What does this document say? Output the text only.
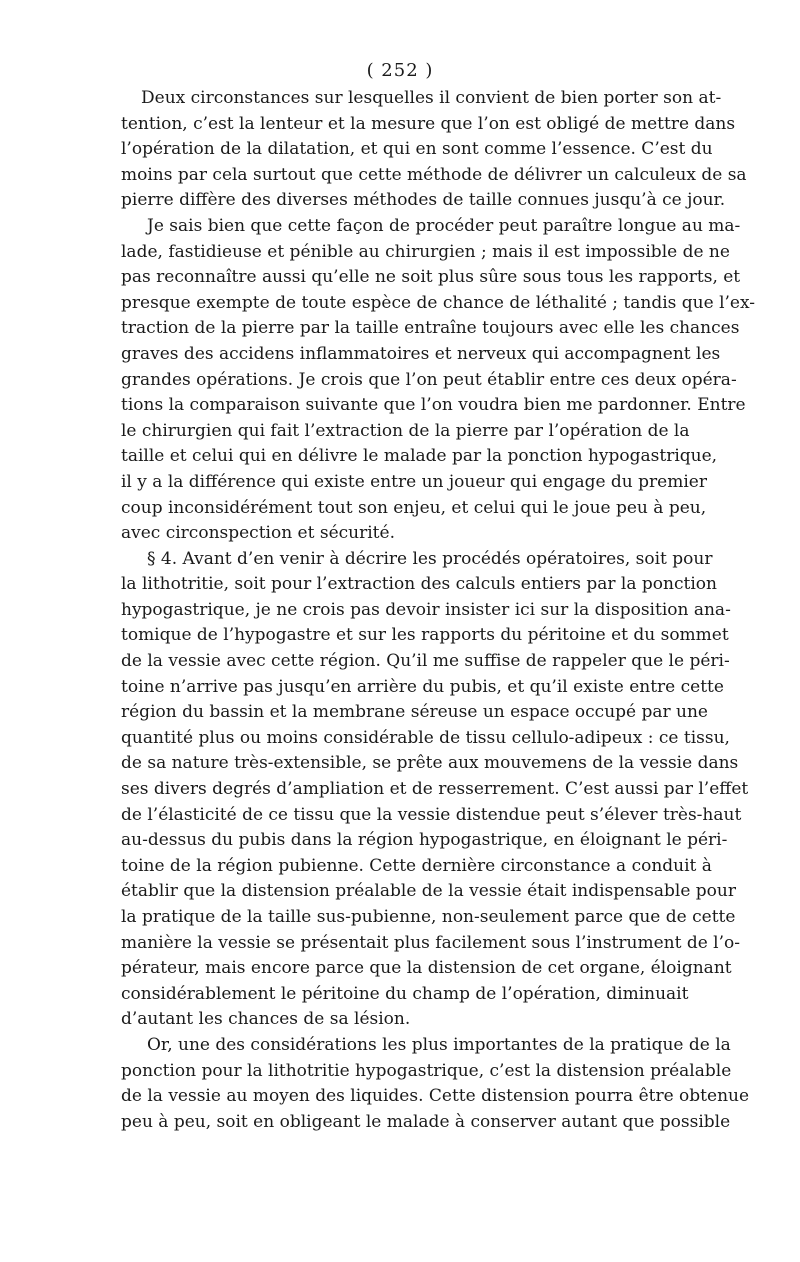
( 252 )
Deux circonstances sur lesquelles il convient de bien porter son at-
tention, c’est la lenteur et la mesure que l’on est obligé de mettre dans
l’opération de la dilatation, et qui en sont comme l’essence. C’est du
moins par cela surtout que cette méthode de délivrer un calculeux de sa
pierre diffère des diverses méthodes de taille connues jusqu’à ce jour.
Je sais bien que cette façon de procéder peut paraître longue au ma-
lade, fastidieuse et pénible au chirurgien ; mais il est impossible de ne
pas reconnaître aussi qu’elle ne soit plus sûre sous tous les rapports, et
presque exempte de toute espèce de chance de léthalité ; tandis que l’ex-
traction de la pierre par la taille entraîne toujours avec elle les chances
graves des accidens inflammatoires et nerveux qui accompagnent les
grandes opérations. Je crois que l’on peut établir entre ces deux opéra-
tions la comparaison suivante que l’on voudra bien me pardonner. Entre
le chirurgien qui fait l’extraction de la pierre par l’opération de la
taille et celui qui en délivre le malade par la ponction hypogastrique,
il y a la différence qui existe entre un joueur qui engage du premier
coup inconsidérément tout son enjeu, et celui qui le joue peu à peu,
avec circonspection et sécurité.
§ 4. Avant d’en venir à décrire les procédés opératoires, soit pour
la lithotritie, soit pour l’extraction des calculs entiers par la ponction
hypogastrique, je ne crois pas devoir insister ici sur la disposition ana-
tomique de l’hypogastre et sur les rapports du péritoine et du sommet
de la vessie avec cette région. Qu’il me suffise de rappeler que le péri-
toine n’arrive pas jusqu’en arrière du pubis, et qu’il existe entre cette
région du bassin et la membrane séreuse un espace occupé par une
quantité plus ou moins considérable de tissu cellulo-adipeux : ce tissu,
de sa nature très-extensible, se prête aux mouvemens de la vessie dans
ses divers degrés d’ampliation et de resserrement. C’est aussi par l’effet
de l’élasticité de ce tissu que la vessie distendue peut s’élever très-haut
au-dessus du pubis dans la région hypogastrique, en éloignant le péri-
toine de la région pubienne. Cette dernière circonstance a conduit à
établir que la distension préalable de la vessie était indispensable pour
la pratique de la taille sus-pubienne, non-seulement parce que de cette
manière la vessie se présentait plus facilement sous l’instrument de l’o-
pérateur, mais encore parce que la distension de cet organe, éloignant
considérablement le péritoine du champ de l’opération, diminuait
d’autant les chances de sa lésion.
Or, une des considérations les plus importantes de la pratique de la
ponction pour la lithotritie hypogastrique, c’est la distension préalable
de la vessie au moyen des liquides. Cette distension pourra être obtenue
peu à peu, soit en obligeant le malade à conserver autant que possible
